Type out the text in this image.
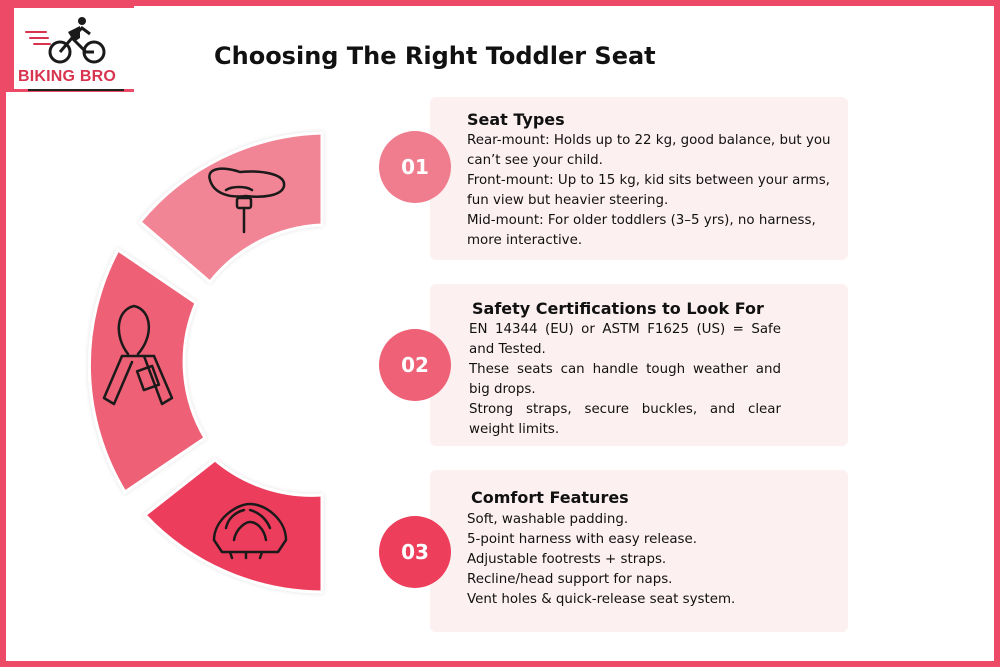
BIKING BRO
Choosing The Right Toddler Seat
01
Seat Types
Rear-mount: Holds up to 22 kg, good balance, but you
can’t see your child.
Front-mount: Up to 15 kg, kid sits between your arms,
fun view but heavier steering.
Mid-mount: For older toddlers (3–5 yrs), no harness,
more interactive.
02
Safety Certifications to Look For
EN 14344 (EU) or ASTM F1625 (US) = Safe
and Tested.
These seats can handle tough weather and
big drops.
Strong straps, secure buckles, and clear
weight limits.
03
Comfort Features
Soft, washable padding.
5-point harness with easy release.
Adjustable footrests + straps.
Recline/head support for naps.
Vent holes & quick-release seat system.
